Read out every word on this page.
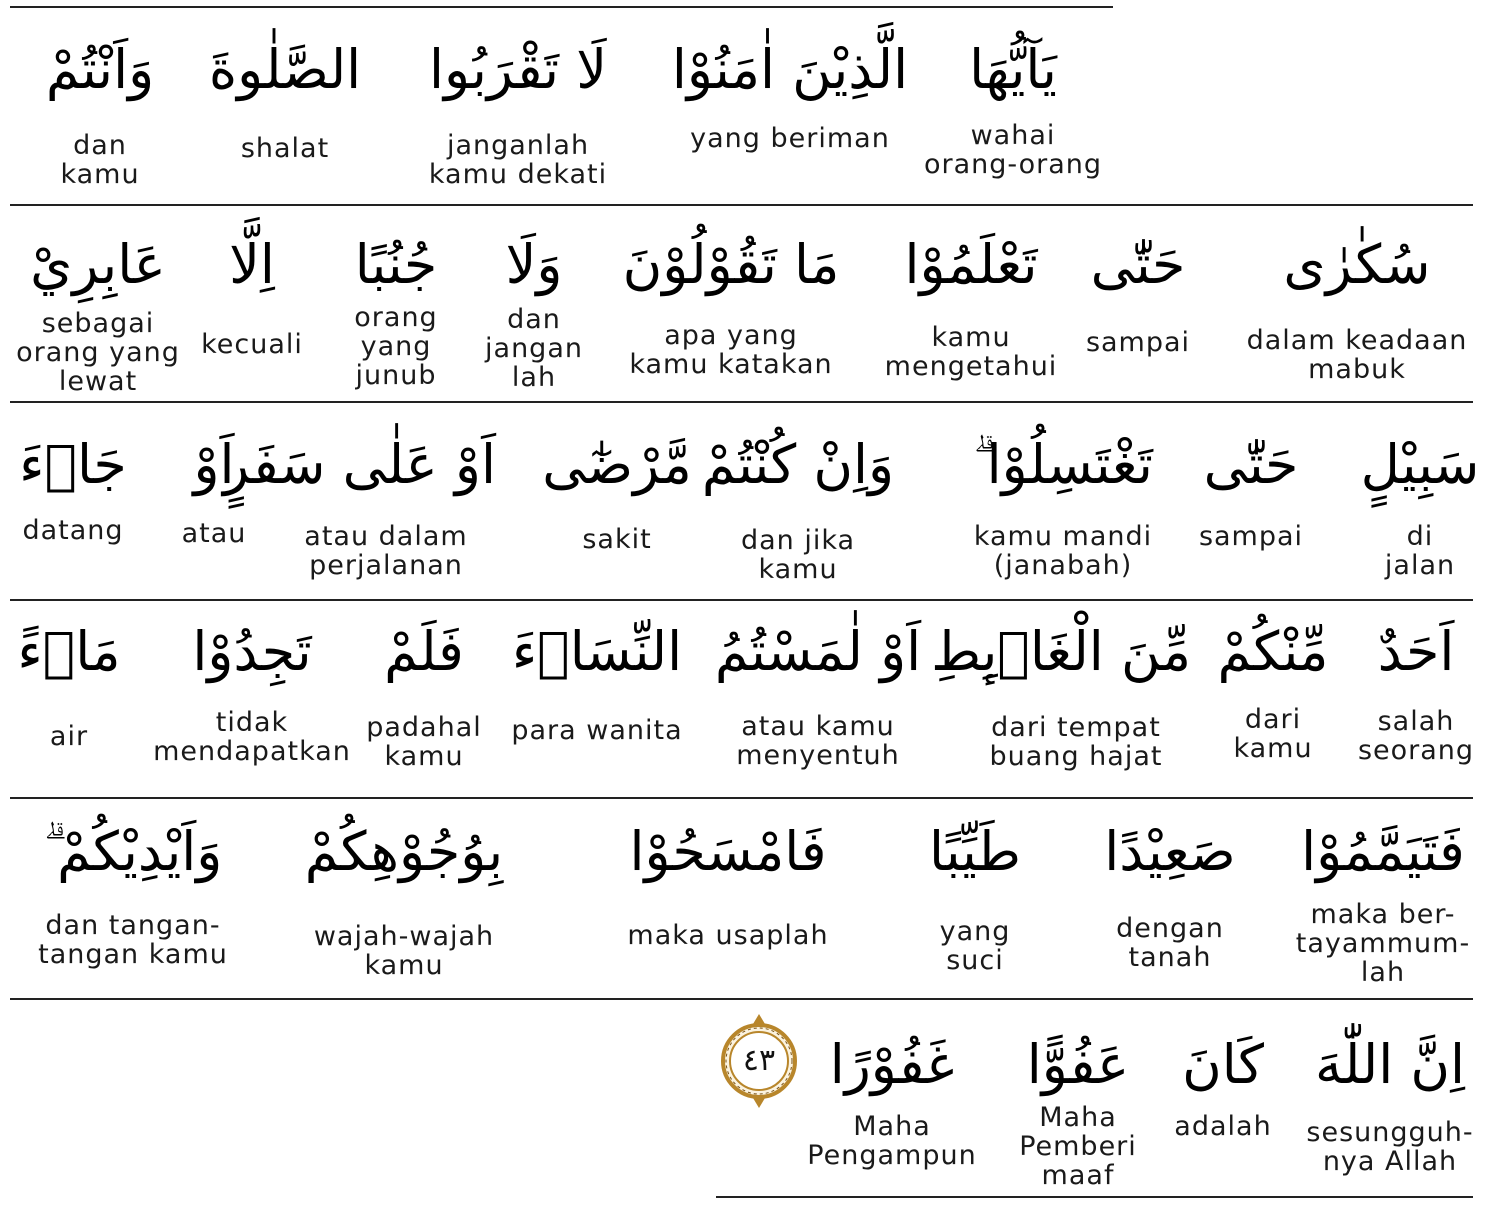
يَآيُّهَا
wahai
orang-orang
الَّذِيْنَ اٰمَنُوْا
yang beriman
لَا تَقْرَبُوا
janganlah
kamu dekati
الصَّلٰوةَ
shalat
وَاَنْتُمْ
dan
kamu
سُكٰرٰى
dalam keadaan
mabuk
حَتّٰى
sampai
تَعْلَمُوْا
kamu
mengetahui
مَا تَقُوْلُوْنَ
apa yang
kamu katakan
وَلَا
dan
jangan
lah
جُنُبًا
orang
yang
junub
اِلَّا
kecuali
عَابِرِيْ
sebagai
orang yang
lewat
سَبِيْلٍ
di
jalan
حَتّٰى
sampai
تَغْتَسِلُوْا ۗ
kamu mandi
(janabah)
وَاِنْ كُنْتُمْ
dan jika
kamu
مَّرْضٰٓى
sakit
اَوْ عَلٰى سَفَرٍ
atau dalam
perjalanan
اَوْ
atau
جَاۤءَ
datang
اَحَدٌ
salah
seorang
مِّنْكُمْ
dari
kamu
مِّنَ الْغَاۤىِٕطِ
dari tempat
buang hajat
اَوْ لٰمَسْتُمُ
atau kamu
menyentuh
النِّسَاۤءَ
para wanita
فَلَمْ
padahal
kamu
تَجِدُوْا
tidak
mendapatkan
مَاۤءً
air
فَتَيَمَّمُوْا
maka ber-
tayammum-
lah
صَعِيْدًا
dengan
tanah
طَيِّبًا
yang
suci
فَامْسَحُوْا
maka usaplah
بِوُجُوْهِكُمْ
wajah-wajah
kamu
وَاَيْدِيْكُمْ ۗ
dan tangan-
tangan kamu
اِنَّ اللّٰهَ
sesungguh-
nya Allah
كَانَ
adalah
عَفُوًّا
Maha
Pemberi
maaf
غَفُوْرًا
Maha
Pengampun
٤٣
